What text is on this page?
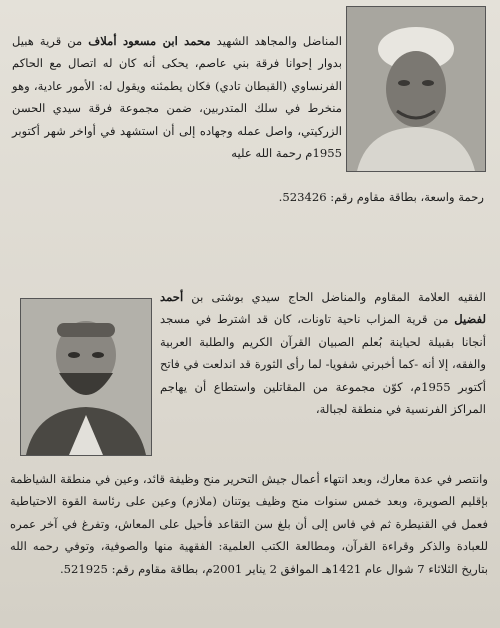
المناضل والمجاهد الشهيد محمد ابن مسعود أملاف من قرية هبيل بدوار إحوانا فرقة بني عاصم، يحكى أنه كان له اتصال مع الحاكم الفرنساوي (القبطان تادي) فكان يطمئنه ويقول له: الأمور عادية، وهو منخرط في سلك المتدربين، ضمن مجموعة فرقة سيدي الحسن الزركيتي، واصل عمله وجهاده إلى أن استشهد في أواخر شهر أكتوبر 1955م رحمة الله عليه
رحمة واسعة، بطاقة مقاوم رقم: 523426.
الفقيه العلامة المقاوم والمناضل الحاج سيدي بوشتى بن أحمد لفضيل من قرية المزاب ناحية تاونات، كان قد اشترط في مسجد أنجانا بقبيلة لحياينة بُعلم الصبيان القرآن الكريم والطلبة العربية والفقه، إلا أنه -كما أخبرني شفويا- لما رأى الثورة قد اندلعت في فاتح أكتوبر 1955م، كوّن مجموعة من المقاتلين واستطاع أن يهاجم المراكز الفرنسية في منطقة لجبالة،
وانتصر في عدة معارك، وبعد انتهاء أعمال جيش التحرير منح وظيفة قائد، وعين في منطقة الشياظمة بإقليم الصويرة، وبعد خمس سنوات منح وظيف يوتنان (ملازم) وعين على رئاسة القوة الاحتياطية فعمل في القنيطرة ثم في فاس إلى أن بلغ سن التقاعد فأحيل على المعاش، وتفرغ في آخر عمره للعبادة والذكر وقراءة القرآن، ومطالعة الكتب العلمية: الفقهية منها والصوفية، وتوفي رحمه الله بتاريخ الثلاثاء 7 شوال عام 1421هـ الموافق 2 يناير 2001م، بطاقة مقاوم رقم: 521925.
